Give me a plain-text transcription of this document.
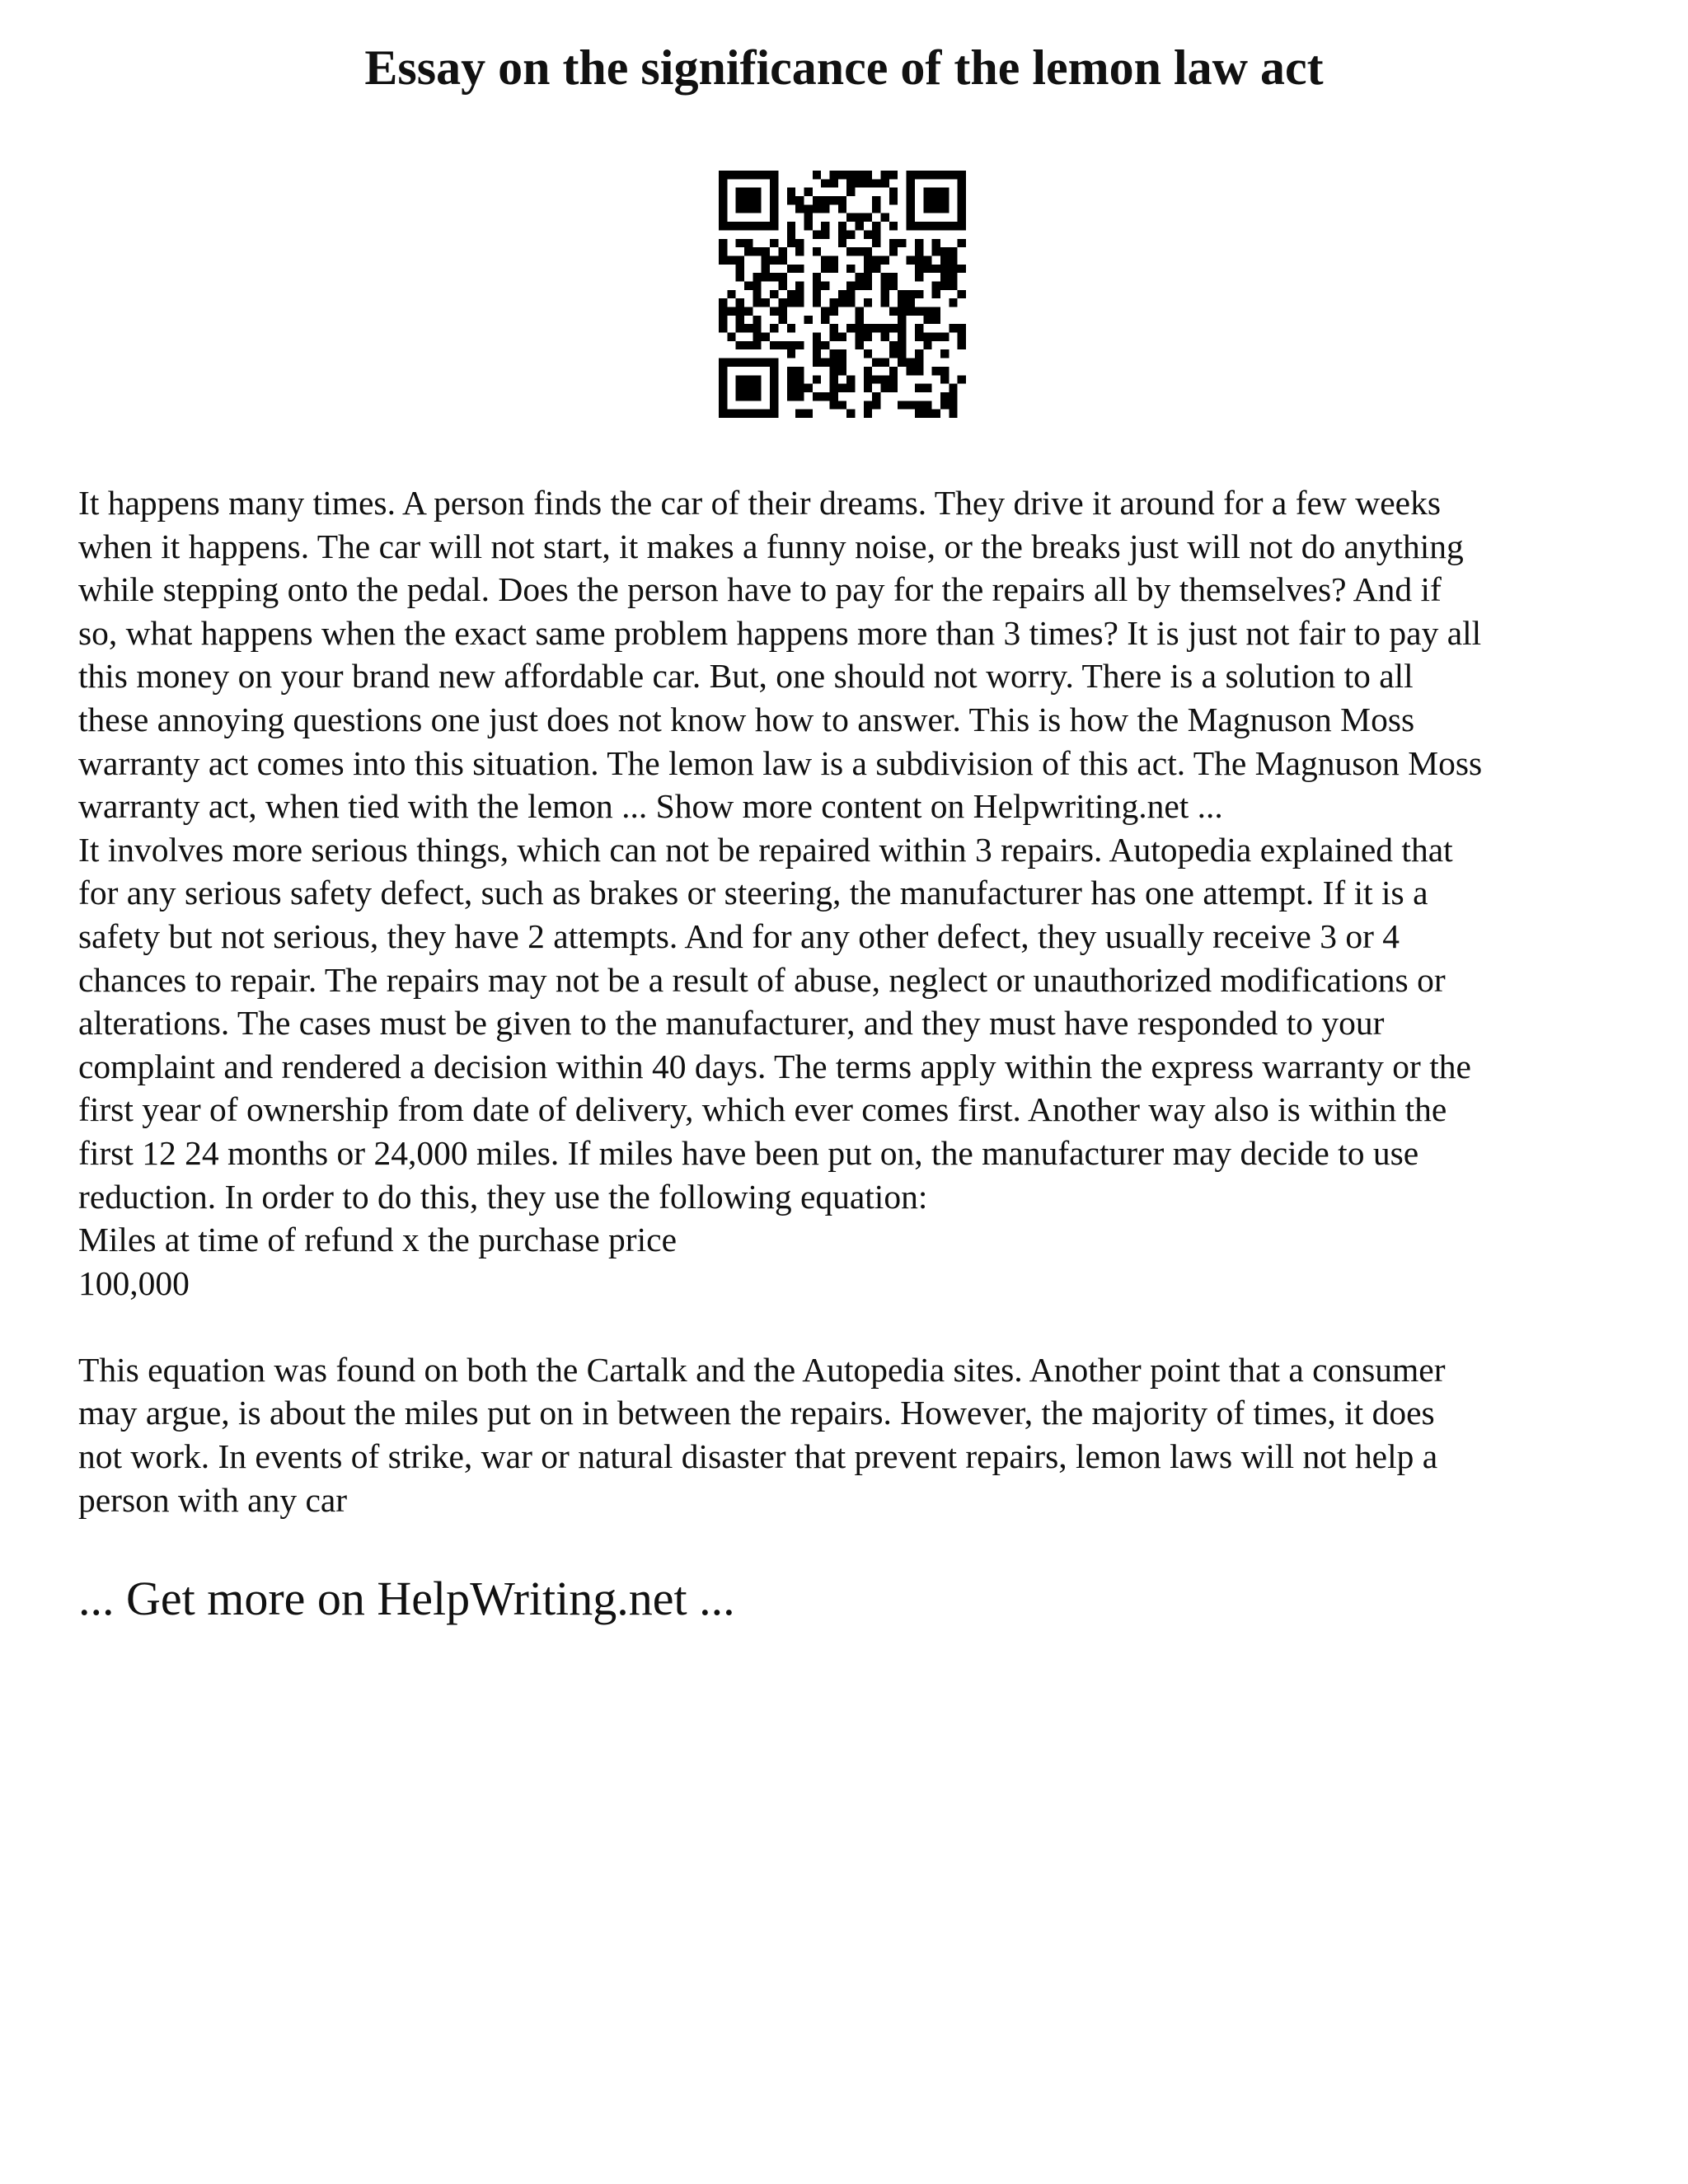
Essay on the significance of the lemon law act

It happens many times. A person finds the car of their dreams. They drive it around for a few weeks
when it happens. The car will not start, it makes a funny noise, or the breaks just will not do anything
while stepping onto the pedal. Does the person have to pay for the repairs all by themselves? And if
so, what happens when the exact same problem happens more than 3 times? It is just not fair to pay all
this money on your brand new affordable car. But, one should not worry. There is a solution to all
these annoying questions one just does not know how to answer. This is how the Magnuson Moss
warranty act comes into this situation. The lemon law is a subdivision of this act. The Magnuson Moss
warranty act, when tied with the lemon ... Show more content on Helpwriting.net ...

It involves more serious things, which can not be repaired within 3 repairs. Autopedia explained that
for any serious safety defect, such as brakes or steering, the manufacturer has one attempt. If it is a
safety but not serious, they have 2 attempts. And for any other defect, they usually receive 3 or 4
chances to repair. The repairs may not be a result of abuse, neglect or unauthorized modifications or
alterations. The cases must be given to the manufacturer, and they must have responded to your
complaint and rendered a decision within 40 days. The terms apply within the express warranty or the
first year of ownership from date of delivery, which ever comes first. Another way also is within the
first 12 24 months or 24,000 miles. If miles have been put on, the manufacturer may decide to use
reduction. In order to do this, they use the following equation:

Miles at time of refund x the purchase price

100,000

This equation was found on both the Cartalk and the Autopedia sites. Another point that a consumer
may argue, is about the miles put on in between the repairs. However, the majority of times, it does
not work. In events of strike, war or natural disaster that prevent repairs, lemon laws will not help a
person with any car

... Get more on HelpWriting.net ...
